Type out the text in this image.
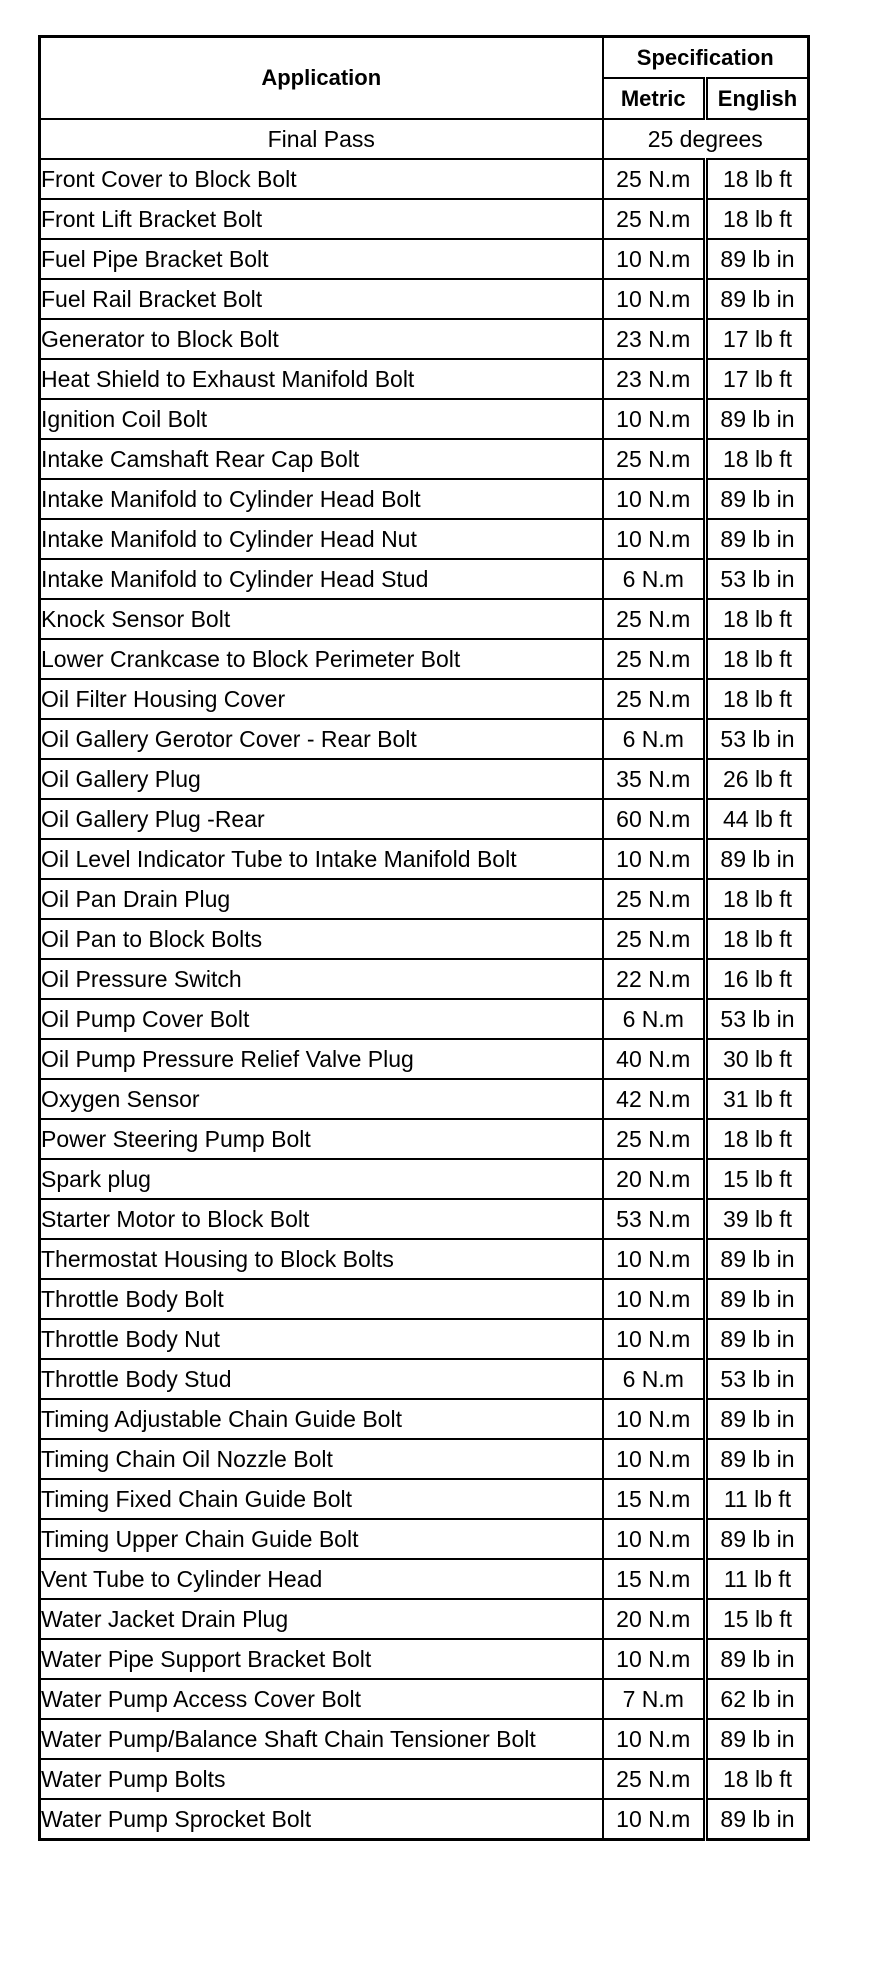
Application	Specification	
	Metric	English
Final Pass	25 degrees	
Front Cover to Block Bolt	25 N.m	18 lb ft
Front Lift Bracket Bolt	25 N.m	18 lb ft
Fuel Pipe Bracket Bolt	10 N.m	89 lb in
Fuel Rail Bracket Bolt	10 N.m	89 lb in
Generator to Block Bolt	23 N.m	17 lb ft
Heat Shield to Exhaust Manifold Bolt	23 N.m	17 lb ft
Ignition Coil Bolt	10 N.m	89 lb in
Intake Camshaft Rear Cap Bolt	25 N.m	18 lb ft
Intake Manifold to Cylinder Head Bolt	10 N.m	89 lb in
Intake Manifold to Cylinder Head Nut	10 N.m	89 lb in
Intake Manifold to Cylinder Head Stud	6 N.m	53 lb in
Knock Sensor Bolt	25 N.m	18 lb ft
Lower Crankcase to Block Perimeter Bolt	25 N.m	18 lb ft
Oil Filter Housing Cover	25 N.m	18 lb ft
Oil Gallery Gerotor Cover - Rear Bolt	6 N.m	53 lb in
Oil Gallery Plug	35 N.m	26 lb ft
Oil Gallery Plug -Rear	60 N.m	44 lb ft
Oil Level Indicator Tube to Intake Manifold Bolt	10 N.m	89 lb in
Oil Pan Drain Plug	25 N.m	18 lb ft
Oil Pan to Block Bolts	25 N.m	18 lb ft
Oil Pressure Switch	22 N.m	16 lb ft
Oil Pump Cover Bolt	6 N.m	53 lb in
Oil Pump Pressure Relief Valve Plug	40 N.m	30 lb ft
Oxygen Sensor	42 N.m	31 lb ft
Power Steering Pump Bolt	25 N.m	18 lb ft
Spark plug	20 N.m	15 lb ft
Starter Motor to Block Bolt	53 N.m	39 lb ft
Thermostat Housing to Block Bolts	10 N.m	89 lb in
Throttle Body Bolt	10 N.m	89 lb in
Throttle Body Nut	10 N.m	89 lb in
Throttle Body Stud	6 N.m	53 lb in
Timing Adjustable Chain Guide Bolt	10 N.m	89 lb in
Timing Chain Oil Nozzle Bolt	10 N.m	89 lb in
Timing Fixed Chain Guide Bolt	15 N.m	11 lb ft
Timing Upper Chain Guide Bolt	10 N.m	89 lb in
Vent Tube to Cylinder Head	15 N.m	11 lb ft
Water Jacket Drain Plug	20 N.m	15 lb ft
Water Pipe Support Bracket Bolt	10 N.m	89 lb in
Water Pump Access Cover Bolt	7 N.m	62 lb in
Water Pump/Balance Shaft Chain Tensioner Bolt	10 N.m	89 lb in
Water Pump Bolts	25 N.m	18 lb ft
Water Pump Sprocket Bolt	10 N.m	89 lb in
